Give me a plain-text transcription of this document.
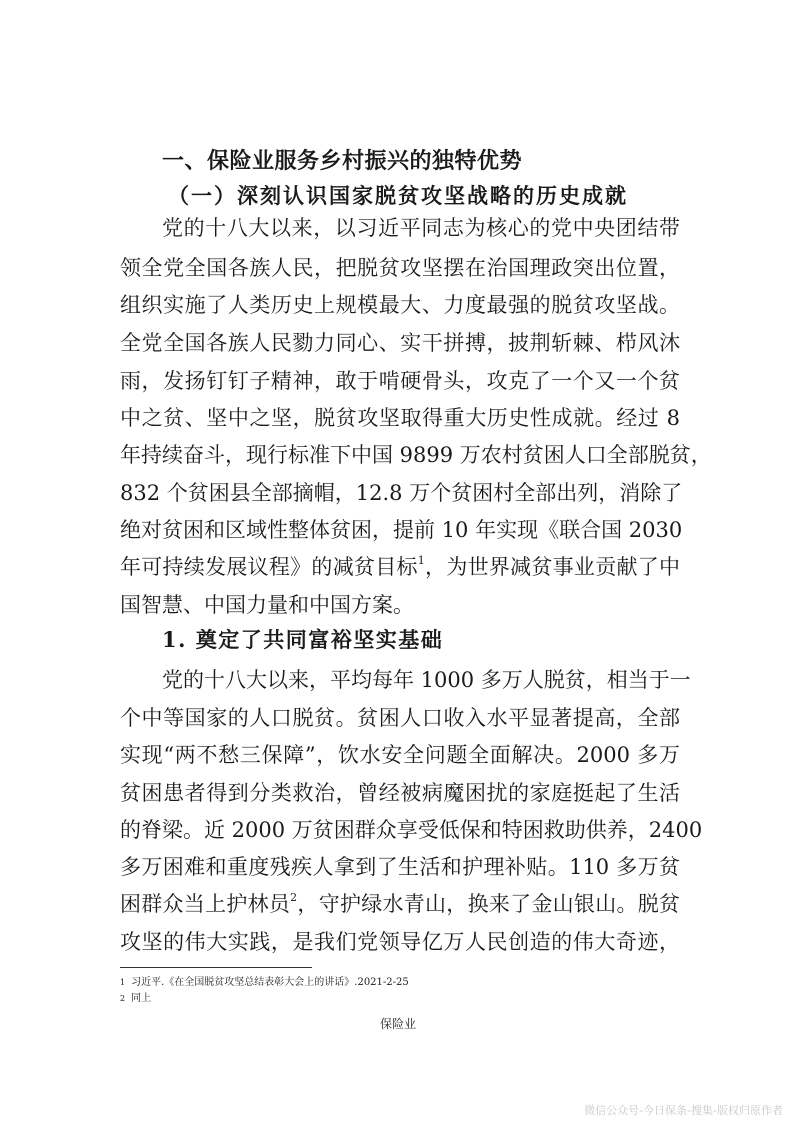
一、保险业服务乡村振兴的独特优势
（一）深刻认识国家脱贫攻坚战略的历史成就
党的十八大以来，以习近平同志为核心的党中央团结带
领全党全国各族人民，把脱贫攻坚摆在治国理政突出位置，
组织实施了人类历史上规模最大、力度最强的脱贫攻坚战。
全党全国各族人民勠力同心、实干拼搏，披荆斩棘、栉风沐
雨，发扬钉钉子精神，敢于啃硬骨头，攻克了一个又一个贫
中之贫、坚中之坚，脱贫攻坚取得重大历史性成就。经过 8
年持续奋斗，现行标准下中国 9899 万农村贫困人口全部脱贫，
832 个贫困县全部摘帽，12.8 万个贫困村全部出列，消除了
绝对贫困和区域性整体贫困，提前 10 年实现《联合国 2030
年可持续发展议程》的减贫目标$^1$，为世界减贫事业贡献了中
国智慧、中国力量和中国方案。
1. 奠定了共同富裕坚实基础
党的十八大以来，平均每年 1000 多万人脱贫，相当于一
个中等国家的人口脱贫。贫困人口收入水平显著提高，全部
实现“两不愁三保障”，饮水安全问题全面解决。2000 多万
贫困患者得到分类救治，曾经被病魔困扰的家庭挺起了生活
的脊梁。近 2000 万贫困群众享受低保和特困救助供养，2400
多万困难和重度残疾人拿到了生活和护理补贴。110 多万贫
困群众当上护林员$^2$，守护绿水青山，换来了金山银山。脱贫
攻坚的伟大实践，是我们党领导亿万人民创造的伟大奇迹，
$^1$ 习近平.《在全国脱贫攻坚总结表彰大会上的讲话》.2021-2-25
$^2$ 同上
保险业
微信公众号-今日保条-搜集-版权归原作者
